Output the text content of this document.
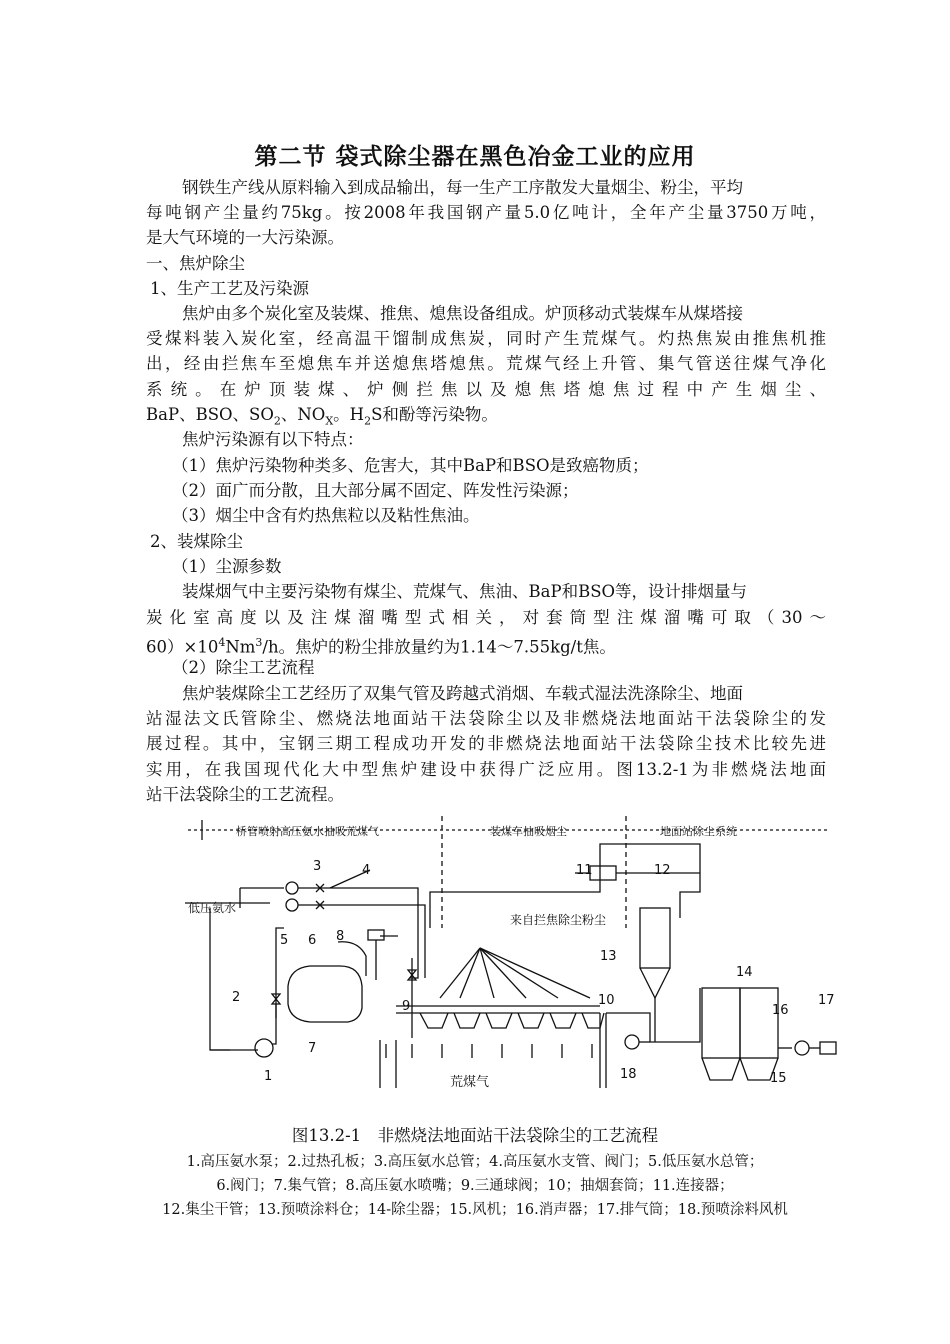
第二节 袋式除尘器在黑色冶金工业的应用
钢铁生产线从原料输入到成品输出，每一生产工序散发大量烟尘、粉尘，平均
每吨钢产尘量约75kg。按2008年我国钢产量5.0亿吨计，全年产尘量3750万吨，
是大气环境的一大污染源。
一、焦炉除尘
1、生产工艺及污染源
焦炉由多个炭化室及装煤、推焦、熄焦设备组成。炉顶移动式装煤车从煤塔接
受煤料装入炭化室，经高温干馏制成焦炭，同时产生荒煤气。灼热焦炭由推焦机推
出，经由拦焦车至熄焦车并送熄焦塔熄焦。荒煤气经上升管、集气管送往煤气净化
系统。在炉顶装煤、炉侧拦焦以及熄焦塔熄焦过程中产生烟尘、
BaP、BSO、$SO_2$、$NO_X$。$H_2S$和酚等污染物。
焦炉污染源有以下特点：
（1）焦炉污染物种类多、危害大，其中BaP和BSO是致癌物质；
（2）面广而分散，且大部分属不固定、阵发性污染源；
（3）烟尘中含有灼热焦粒以及粘性焦油。
2、装煤除尘
（1）尘源参数
装煤烟气中主要污染物有煤尘、荒煤气、焦油、BaP和BSO等，设计排烟量与
炭化室高度以及注煤溜嘴型式相关，对套筒型注煤溜嘴可取（30～
$60)\times 10^4Nm^3/h$。焦炉的粉尘排放量约为1.14～7.55kg/t焦。
（2）除尘工艺流程
焦炉装煤除尘工艺经历了双集气管及跨越式消烟、车载式湿法洗涤除尘、地面
站湿法文氏管除尘、燃烧法地面站干法袋除尘以及非燃烧法地面站干法袋除尘的发
展过程。其中，宝钢三期工程成功开发的非燃烧法地面站干法袋除尘技术比较先进
实用，在我国现代化大中型焦炉建设中获得广泛应用。图13.2-1为非燃烧法地面
站干法袋除尘的工艺流程。
低压氨水
桥管喷射高压氨水抽吸荒煤气	装煤车抽吸烟尘	地面站除尘系统
来自拦焦除尘粉尘
荒煤气
1
2
3	4
5 6
7
8
9	10
11	12
13
14
15
16
17
18
图13.2-1　非燃烧法地面站干法袋除尘的工艺流程
1.高压氨水泵；2.过热孔板；3.高压氨水总管；4.高压氨水支管、阀门；5.低压氨水总管；
6.阀门；7.集气管；8.高压氨水喷嘴；9.三通球阀；10；抽烟套筒；11.连接器；
12.集尘干管；13.预喷涂料仓；14-除尘器；15.风机；16.消声器；17.排气筒；18.预喷涂料风机
